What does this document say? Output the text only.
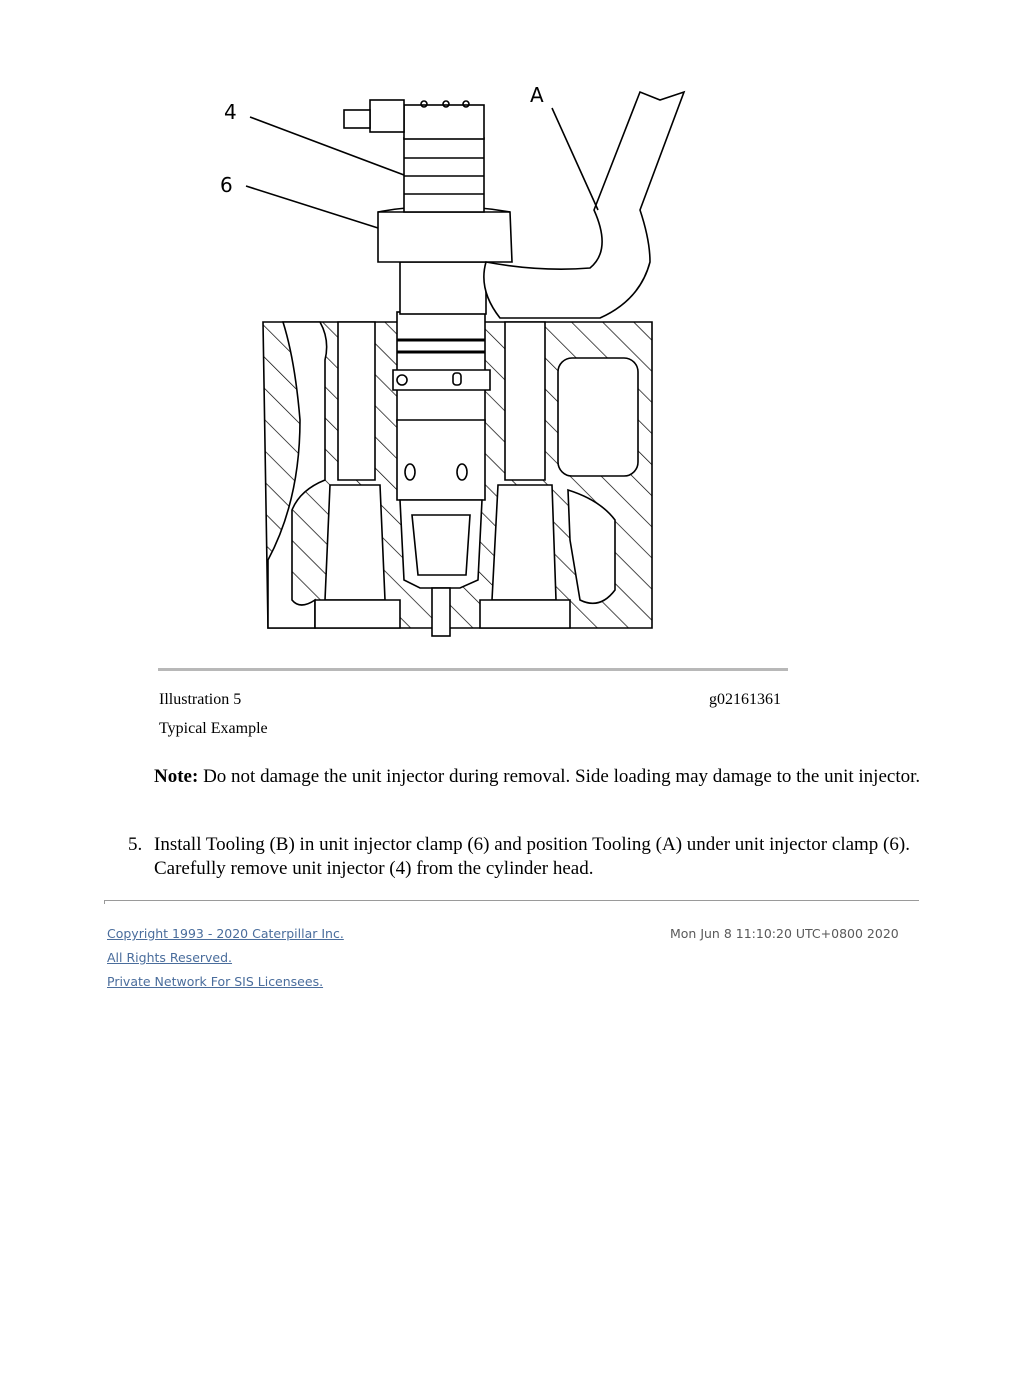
4
6
A
Illustration 5	g02161361
Typical Example
Note: Do not damage the unit injector during removal. Side loading may damage to the unit injector.
5. Install Tooling (B) in unit injector clamp (6) and position Tooling (A) under unit injector clamp (6). Carefully remove unit injector (4) from the cylinder head.
Copyright 1993 - 2020 Caterpillar Inc.
All Rights Reserved.
Private Network For SIS Licensees.
Mon Jun 8 11:10:20 UTC+0800 2020
